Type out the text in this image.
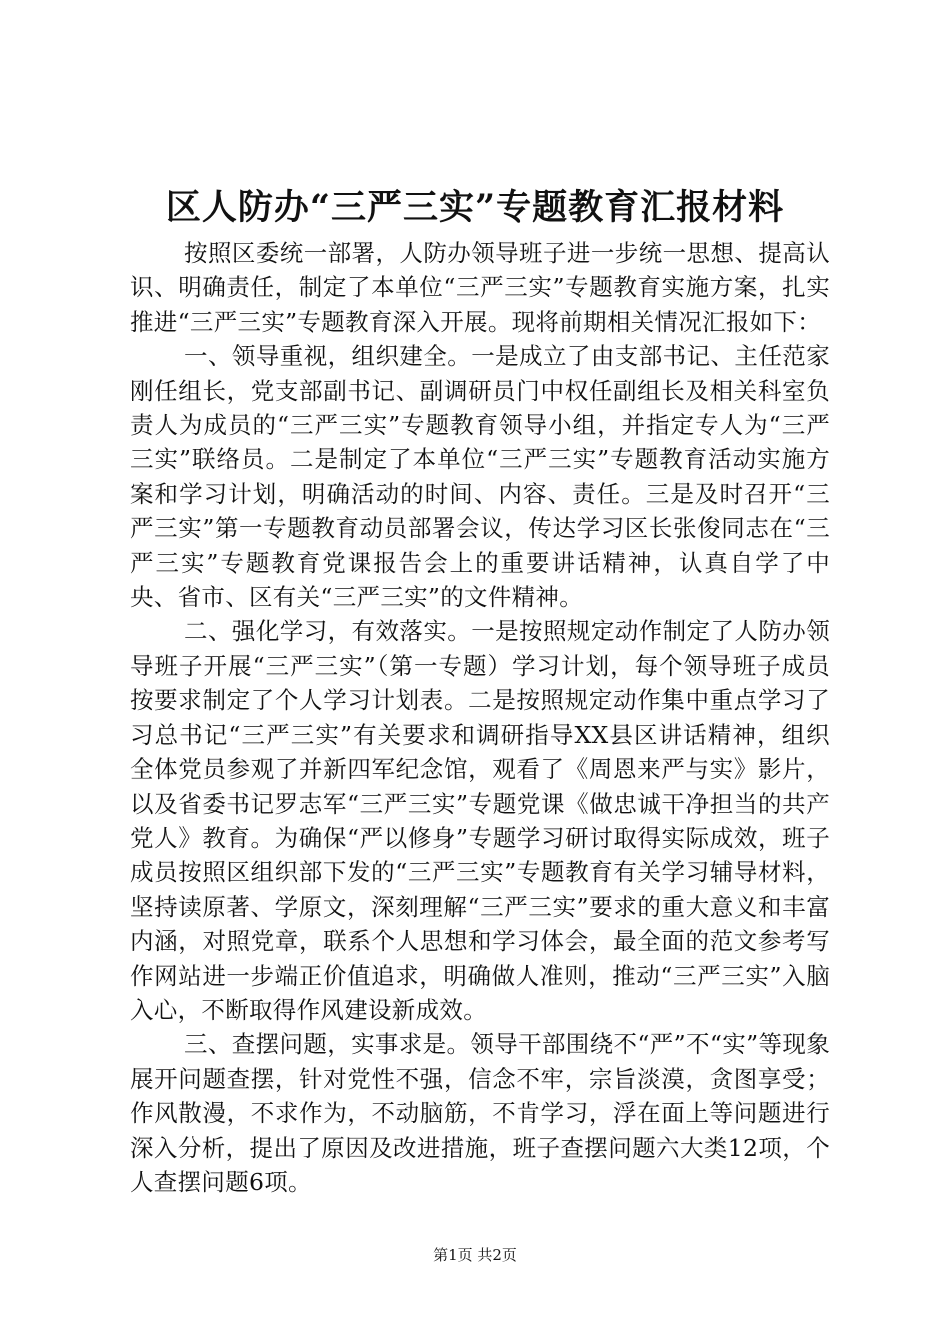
区人防办“三严三实”专题教育汇报材料

按照区委统一部署，人防办领导班子进一步统一思想、提高认识、明确责任，制定了本单位“三严三实”专题教育实施方案，扎实推进“三严三实”专题教育深入开展。现将前期相关情况汇报如下：

一、领导重视，组织建全。一是成立了由支部书记、主任范家刚任组长，党支部副书记、副调研员门中权任副组长及相关科室负责人为成员的“三严三实”专题教育领导小组，并指定专人为“三严三实”联络员。二是制定了本单位“三严三实”专题教育活动实施方案和学习计划，明确活动的时间、内容、责任。三是及时召开“三严三实”第一专题教育动员部署会议，传达学习区长张俊同志在“三严三实”专题教育党课报告会上的重要讲话精神，认真自学了中央、省市、区有关“三严三实”的文件精神。

二、强化学习，有效落实。一是按照规定动作制定了人防办领导班子开展“三严三实”（第一专题）学习计划，每个领导班子成员按要求制定了个人学习计划表。二是按照规定动作集中重点学习了习总书记“三严三实”有关要求和调研指导XX县区讲话精神，组织全体党员参观了并新四军纪念馆，观看了《周恩来严与实》影片，以及省委书记罗志军“三严三实”专题党课《做忠诚干净担当的共产党人》教育。为确保“严以修身”专题学习研讨取得实际成效，班子成员按照区组织部下发的“三严三实”专题教育有关学习辅导材料，坚持读原著、学原文，深刻理解“三严三实”要求的重大意义和丰富内涵，对照党章，联系个人思想和学习体会，最全面的范文参考写作网站进一步端正价值追求，明确做人准则，推动“三严三实”入脑入心，不断取得作风建设新成效。

三、查摆问题，实事求是。领导干部围绕不“严”不“实”等现象展开问题查摆，针对党性不强，信念不牢，宗旨淡漠，贪图享受；作风散漫，不求作为，不动脑筋，不肯学习，浮在面上等问题进行深入分析，提出了原因及改进措施，班子查摆问题六大类12项，个人查摆问题6项。

第1页 共2页
